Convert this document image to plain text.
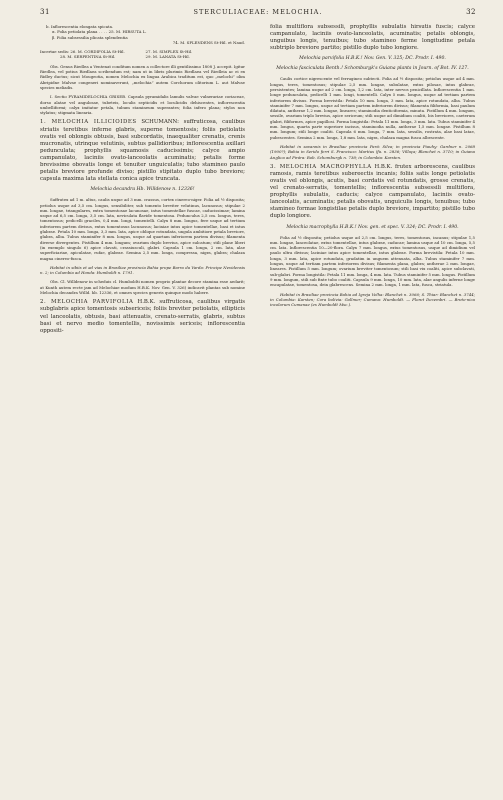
31	STERCULIACEAE: MELOCHIA.	32
b. Inflorescentia elongata spicata.
α. Folia petiolata plana . . . . 25. M. HIRSUTA L.
β. Folia subsessilia plicata splendentia
74. M. SPLENDENS St-Hil. et Naud.
Incertae sedis: 26. M. CORDIFOLIA St-Hil.	27. M. SIMPLEX St-Hil.
28. M. SERPENTINA St-Hil.	29. M. LANATA St-Hil.

Obs. Genus Riedlea a Ventenat conditum nomen a collectore illi gentilissimo 1808 J. accepit. Igitur Riedlea, vel potius Riedlaea scribendum est; nam ut in libris plurimis Riedlaea vel Riedleia ac ei ex Ridley ductus; sicut Mougeotia, nomen Melochia ex lingua Arabica traditum est, quo „melochi” olim Abripidne Malvae congeneri nominaverunt, „melochia” autem Corchorum olitorium L. aut Malvae species meliadis.

I. Sectio PYRAMIDELOCHIA GRISEB. Capsula pyramidalis lamulis valvae vulnerariae coriaceae, dorso alatae vel angulosae, tubeteis, loculis septicidis et loculicidis dehiscentes, inflorescentia umbelliformi; calyx imitatur petala, tubum stamineum superantes; folia infero plana; stylos non stylatus; stigmata linearia.

1. MELOCHIA ILLICIOIDES SCHUMANN: suffruticosa, caulibus striatis teretibus inferne glabris, superne tomentosis; foliis petiolatis ovatis vel oblongis obtusis, basi subcordatis, inaequaliter crenatis, crenis mucronatis, utrinque velutinis, subtus pallidioribus; inflorescentia axillari pedunculata; prophyllis squamosis caducissimis; calyce ampio campanulato, laciniis ovato-lanceolatis acuminatis; petalis forme brevissime obovatis longe et tenuiter unguiculatis; tubo stamineo paulo petalis breviore profunde diviso; pistillo stipitato duplo tubo breviore; capsula maxima lata stellata conica apice truncata.

Melochia decandra Hb. Willdenow n. 12336!

Suffrutex ad 1 m. altus, caulis usque ad 3 mm. crassus, cortex cinereo-niger. Folia ad ½ disposita; petiolus usque ad 3,5 cm. longus, sensibiliter, sub tomento breviter velutinus, lacunosus; stipulae 2 mm. longae, triangulares, extra tomentosae lacunosae, intus tomentellae fuscae, caducissimae; lamina usque ad 6,5 cm. longa, 3,5 cm. lata, neviculata flavide tomentosa. Pedunculus 2,5 cm. longus, teres, tomentosus; pedicelli graciles, 0,4 mm. longi, tomentelli. Calyx 8 mm. longus, fere usque ad tertium inferiorem partem divisus, extus tomentosus lacunosus; laciniae intus apice tomentellae, basi et intus glabrae. Petala 10 mm. longa, 3,3 mm. lata, apice oblique rotundata, ungula ambitiore petala breviore, glabra, alba. Tubus staminifer 8 mm. longus, usque ad quartam inferiorem partem divisus; filamenta diverse divergentes. Pistillum 4 mm. longum; ovarium duplo brevius, apice sulcatum; stili plane liberi (in exemplo singulo 6) apice clavati, crassiusculi, glabri. Capsula 1 cm. longa, 2 cm. lata, alae superficiariae, apiculatae, rufae, glabrae. Semina 2,5 mm. longa, compressa, nigra, glabra; chalaza magna cinereo-fusca.

Habitat in sibiis et ad vias in Brasiliae provincia Bahia prope Barra da Varda: Principe Nevidensis n. 2; in Columbia ad Honda: Humboldt n. 1791.

Obs. Cl. Willdenow in scheduis cl. Humboldti nomen proprio plantae decore stamina esse aedarit; at Kunth autem recte jam ad Melochiae modum H.B.K. Nov. Gen. V. 326) indicavit plantas sub nomine Melochia decandra Willd. hb. 12336, et omnes species generis quinque modo habere.

2. MELOCHIA PARVIFOLIA H.B.K. suffruticosa, caulibus virgatis subglabris apice tomentosis subsericeis; foliis breviter petiolatis, ellipticis vel lanceolatis, obtusis, basi attenuatis, crenato-serratis, glabris, subtus basi et nervo medio tomentellis, novissimis sericeis; inflorescentia oppositi-

folia multiflora subsessili, prophyllis subulatis hirsutis fuscis; calyce campanulato, laciniis ovato-lanceolatis, acuminatis; petalis oblongis, unguibus longis, tenuibus; tubo stamineo ferme longitudine petala subtriplo breviore partito; pistillo duplo tubo longiore.

Melochia parvifolia H.B.K.! Nov. Gen. V. 325; DC. Prodr. I. 490.

Melochia fasciculata Benth.! Schomburgk's Guiana plants in Journ. of Bot. IV. 127.

Caulis cortice nigrescente vel ferrugineo subtecti. Folia ad ½ disposita; petiolus usque ad 4 mm. longus, teres, tomentosus; stipulae 2,5 mm. longae, subulatae, extus pilosae, intus glabrae, persistentes; lamina usque ad 2 cm. longa, 1,2 cm. lata, inter nervos penicillata. Inflorescentia 1 mm. longe pedunculata, pedicelli 1 mm. longi, tomentelli. Calyx 5 mm. longus, usque ad tertiam partem inferiorem divisus. Forma brevistila: Petala 10 mm. longa, 3 mm. lata, apice rotundata, alba. Tubus staminifer 7 mm. longus, usque ad tertiam partem inferiorem divisus; filamenta filiformia, basi paulum dilatata, antherae 1,2 mm. longae, lineares; staminodia denticiformia, minuta. Pistillum 4 mm. longum, sessile, ovarium triplo brevius, apice sericeum; stili usque ad dimidium coaliti, bis breviores, caeterum glabri, filiformes, apice papillosi. Forma longistila: Petala 11 mm. longa, 3 mm. lata. Tubus staminifer 4 mm. longus, quarta parte superiore incisus, staminodia nulla, antherae 1,5 mm. longae. Pistillum 8 mm. longum; stili longe coaliti. Capsula 6 mm. longa, 7 mm. lata, sessilis, rostrata, alae basi latae, pubescentes. Semina 2 mm. longa, 1,8 mm. lata, nigra, chalaza magna fusca albescente.

Habitat in savannis in Brasiliae provincia Pará: Silva; in provincia Piauhy: Gardner n. 2068 (1900?); Bahia in Serido ferri S. Francisco: Martius (fa. n. 2836; Villaça; Blanchet n. 3710; in Guiana Anglica ad Pirára: Rob. Schomburgk n. 738; in Colombia: Karsten.

3. MELOCHIA MACROPHYLLA H.B.K. frutex arborescens, caulibus ramosis, ramis teretibus subereectis incanis; foliis satis longe petiolatis ovatis vel oblongis, acutis, basi cordatis vel rotundatis, grosse crenatis, vel crenato-serratis, tomentellis; inflorescentia subsessili multiflora, prophyllis subulatis, caducis; calyce campanulato, laciniis ovato-lanceolatis, acuminatis; petalis obovatis, unguiculis longis, tenuibus; tubo stamineo formae longistilae petalis duplo breviore, impartito; pistillo tubo duplo longiore.

Melochia macrophylla H.B.K.! Nov. gen. et spec. V. 324; DC. Prodr. I. 490.

Folia ad ½ disposita; petiolus usque ad 2,5 cm. longus, teres, tomentosus, incanus; stipulae 1,5 mm. longae, lanceolatae, extus tomentellae, intus glabrae, caducae; lamina usque ad 10 cm. longa, 5,5 cm. lata. Inflorescentia 10—20-flora. Calyx 7 mm. longus, extus tomentosus, usque ad dimidium vel paulo ultra divisus; laciniae intus apice tomentellae, intus glabrae. Forma brevistila: Petala 10 mm. longa, 3 mm. lata, apice rotundata, gradatim in unguem attenuata, alba. Tubus staminifer 7 mm. longus, usque ad tertiam partem inferiorem divisus; filamenta plana, glabra; antherae 2 mm. longae, lineares. Pistillum 5 mm. longum; ovarium breviter tomentosum; stili basi vix coaliti, apice subclavati, sub-glabri. Forma longistila: Petala 11 mm. longa, 4 mm. lata. Tubus staminifer 5 mm. longus. Pistillum 9 mm. longum, stili sub finte tubo coaliti. Capsula 9 mm. longa, 10 mm. lata, alae angulis inferne longe encapulatae, tomentosa, dein glabrescens. Semina 2 mm. longa, 1 mm. lata, fusca, striatula.

Habitat in Brasiliae provincia Bahia ad Igreja Velha: Blanchet n. 3066; S. Thiar: Blanchet n. 3744; in Columbia: Karsten; Cora bolivia: Gollmer; Cumana: Humboldt. — Floret Decembri. — Breto-nica incolarum Cumanae (ex Humboldt Msc.).
